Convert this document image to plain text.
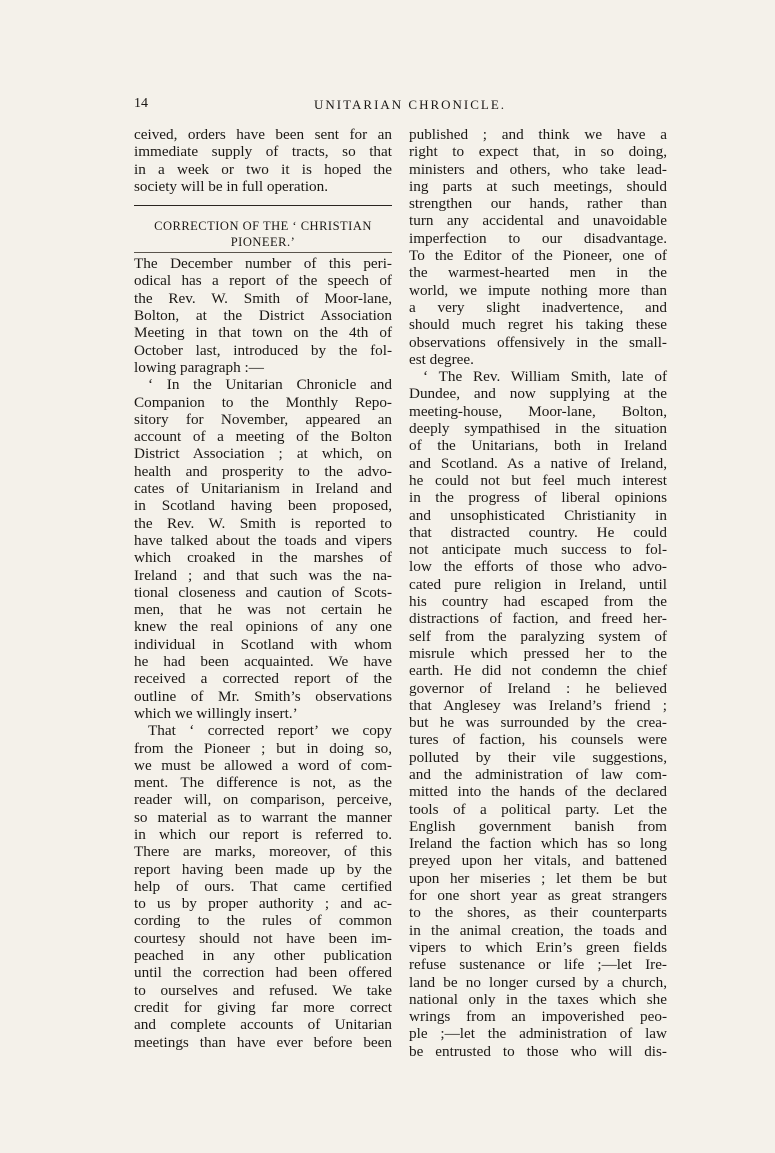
14	UNITARIAN CHRONICLE.
ceived, orders have been sent for an
immediate supply of tracts, so that
in a week or two it is hoped the
society will be in full operation.
CORRECTION OF THE ‘ CHRISTIAN
PIONEER.’
The December number of this peri-
odical has a report of the speech of
the Rev. W. Smith of Moor-lane,
Bolton, at the District Association
Meeting in that town on the 4th of
October last, introduced by the fol-
lowing paragraph :—
‘ In the Unitarian Chronicle and
Companion to the Monthly Repo-
sitory for November, appeared an
account of a meeting of the Bolton
District Association ; at which, on
health and prosperity to the advo-
cates of Unitarianism in Ireland and
in Scotland having been proposed,
the Rev. W. Smith is reported to
have talked about the toads and vipers
which croaked in the marshes of
Ireland ; and that such was the na-
tional closeness and caution of Scots-
men, that he was not certain he
knew the real opinions of any one
individual in Scotland with whom
he had been acquainted. We have
received a corrected report of the
outline of Mr. Smith’s observations
which we willingly insert.’
That ‘ corrected report’ we copy
from the Pioneer ; but in doing so,
we must be allowed a word of com-
ment. The difference is not, as the
reader will, on comparison, perceive,
so material as to warrant the manner
in which our report is referred to.
There are marks, moreover, of this
report having been made up by the
help of ours. That came certified
to us by proper authority ; and ac-
cording to the rules of common
courtesy should not have been im-
peached in any other publication
until the correction had been offered
to ourselves and refused. We take
credit for giving far more correct
and complete accounts of Unitarian
meetings than have ever before been
published ; and think we have a
right to expect that, in so doing,
ministers and others, who take lead-
ing parts at such meetings, should
strengthen our hands, rather than
turn any accidental and unavoidable
imperfection to our disadvantage.
To the Editor of the Pioneer, one of
the warmest-hearted men in the
world, we impute nothing more than
a very slight inadvertence, and
should much regret his taking these
observations offensively in the small-
est degree.
‘ The Rev. William Smith, late of
Dundee, and now supplying at the
meeting-house, Moor-lane, Bolton,
deeply sympathised in the situation
of the Unitarians, both in Ireland
and Scotland. As a native of Ireland,
he could not but feel much interest
in the progress of liberal opinions
and unsophisticated Christianity in
that distracted country. He could
not anticipate much success to fol-
low the efforts of those who advo-
cated pure religion in Ireland, until
his country had escaped from the
distractions of faction, and freed her-
self from the paralyzing system of
misrule which pressed her to the
earth. He did not condemn the chief
governor of Ireland : he believed
that Anglesey was Ireland’s friend ;
but he was surrounded by the crea-
tures of faction, his counsels were
polluted by their vile suggestions,
and the administration of law com-
mitted into the hands of the declared
tools of a political party. Let the
English government banish from
Ireland the faction which has so long
preyed upon her vitals, and battened
upon her miseries ; let them be but
for one short year as great strangers
to the shores, as their counterparts
in the animal creation, the toads and
vipers to which Erin’s green fields
refuse sustenance or life ;—let Ire-
land be no longer cursed by a church,
national only in the taxes which she
wrings from an impoverished peo-
ple ;—let the administration of law
be entrusted to those who will dis-
